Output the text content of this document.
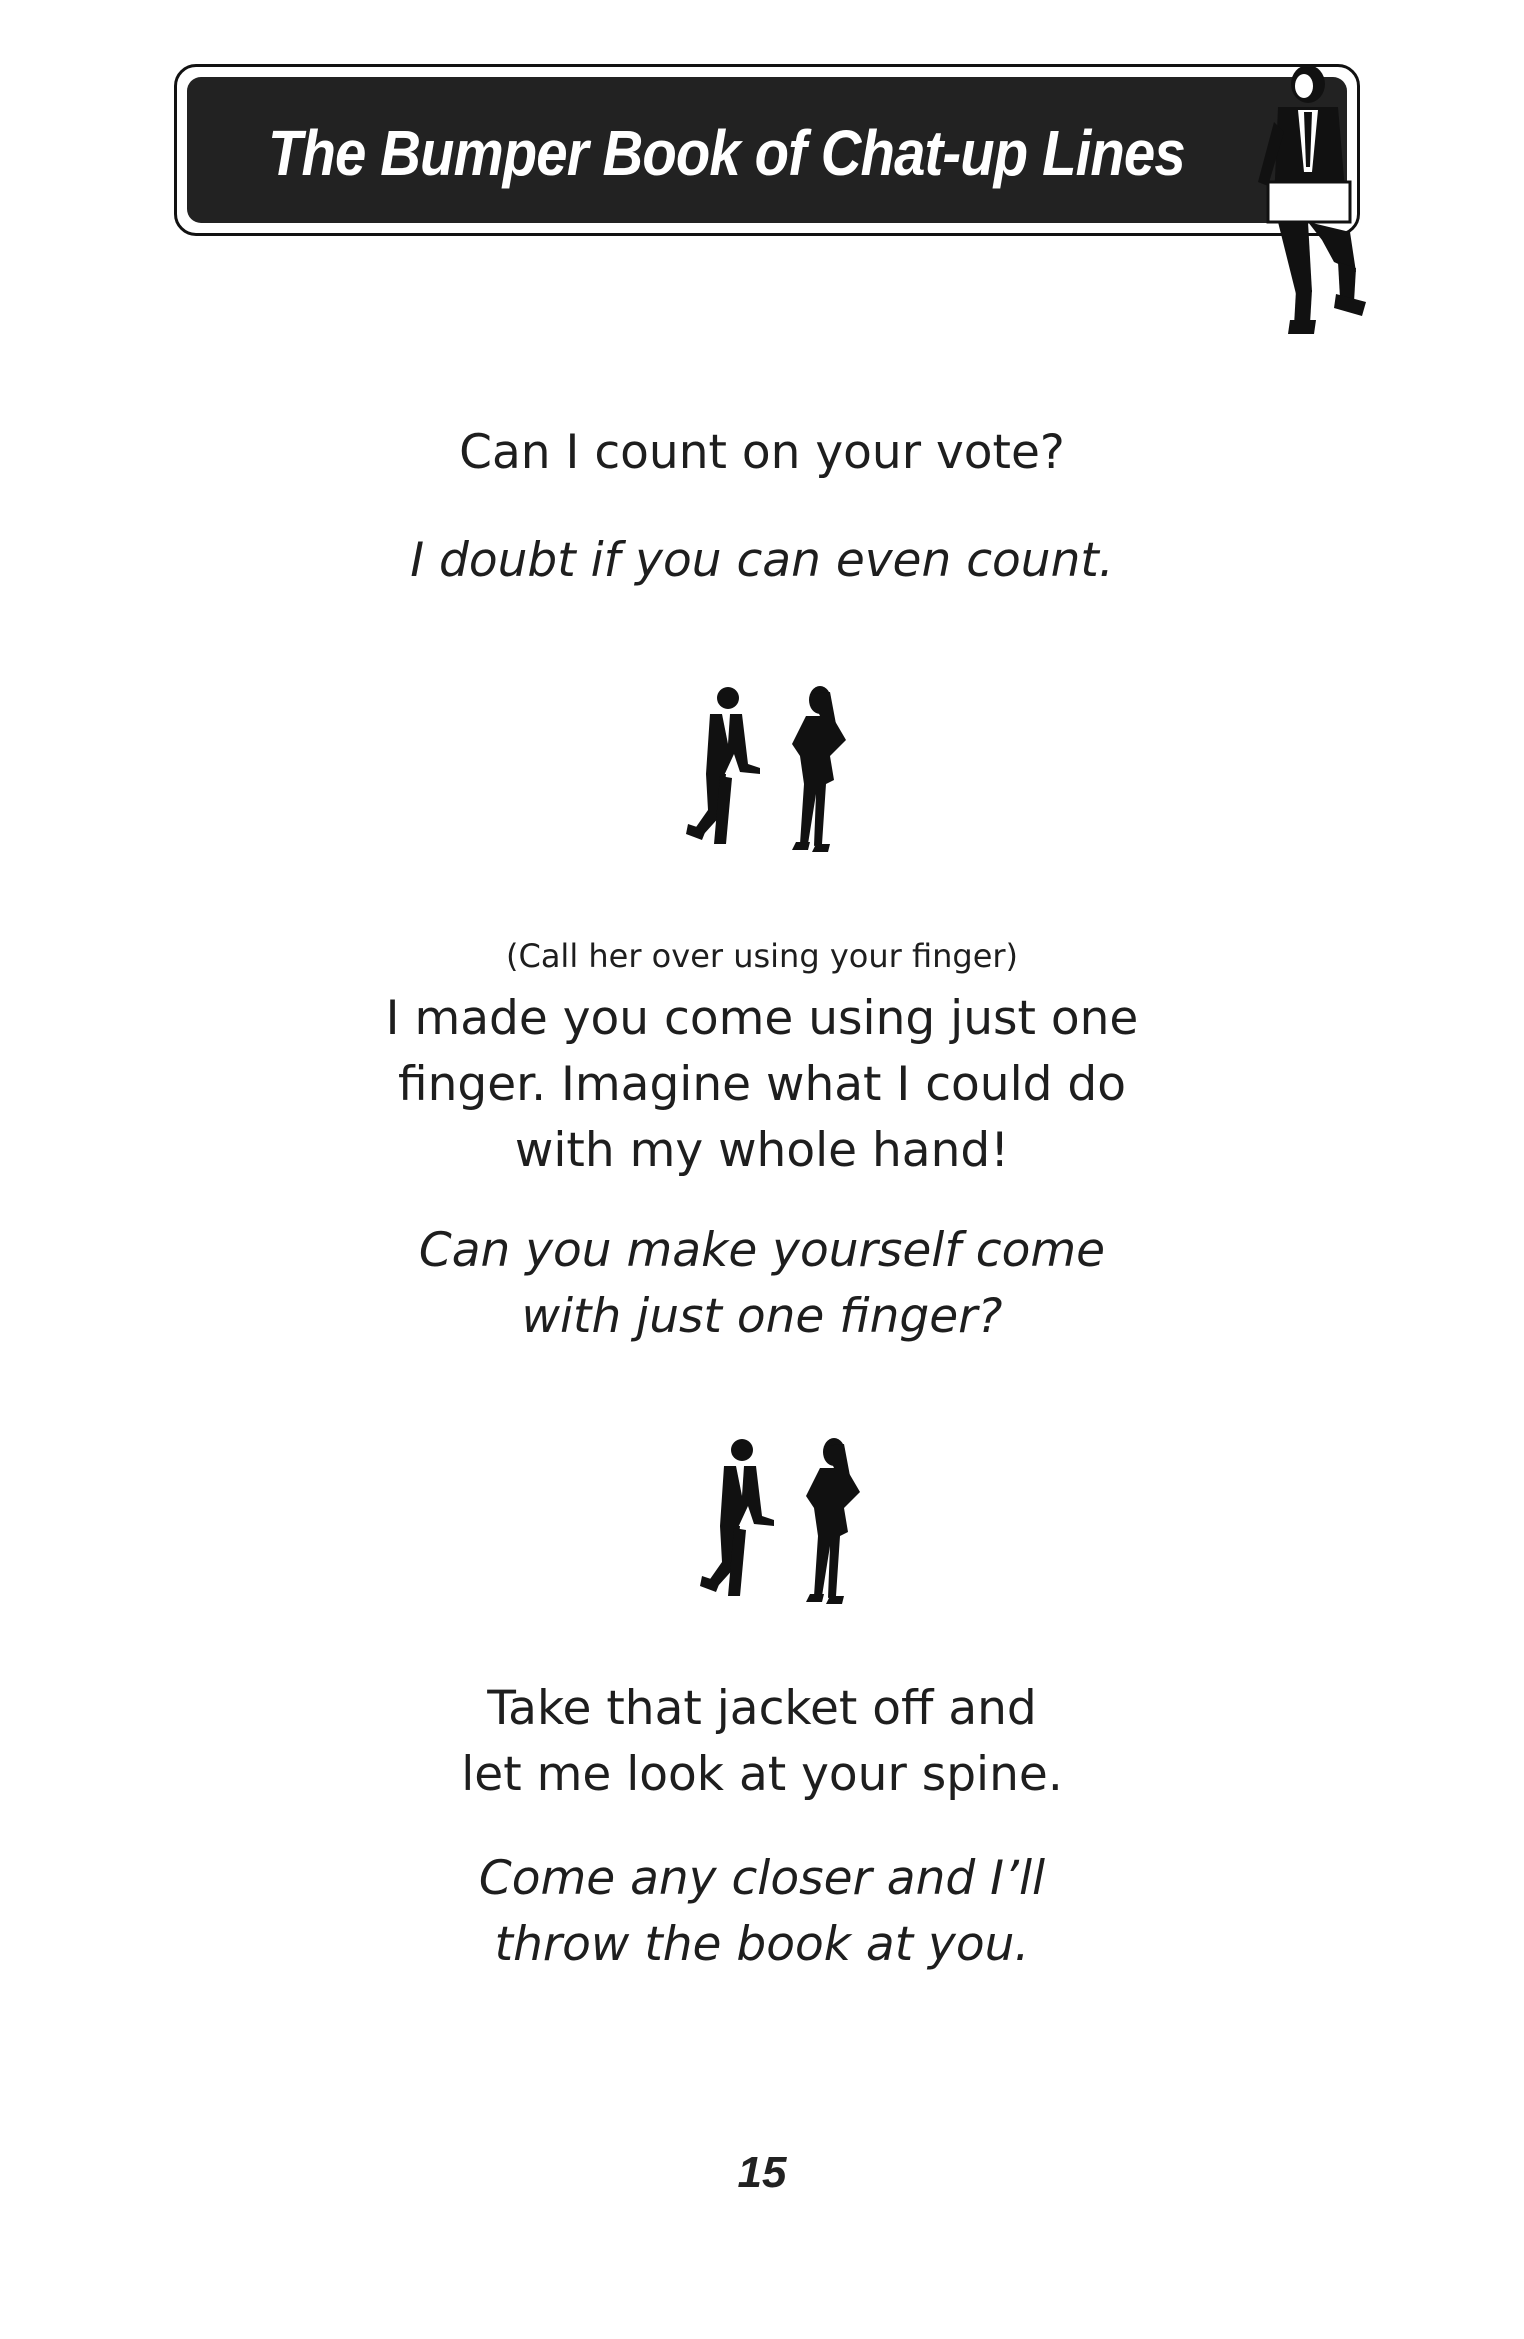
The Bumper Book of Chat-up Lines
Can I count on your vote?
I doubt if you can even count.
(Call her over using your finger)
I made you come using just one
finger. Imagine what I could do
with my whole hand!
Can you make yourself come
with just one finger?
Take that jacket off and
let me look at your spine.
Come any closer and I’ll
throw the book at you.
15
